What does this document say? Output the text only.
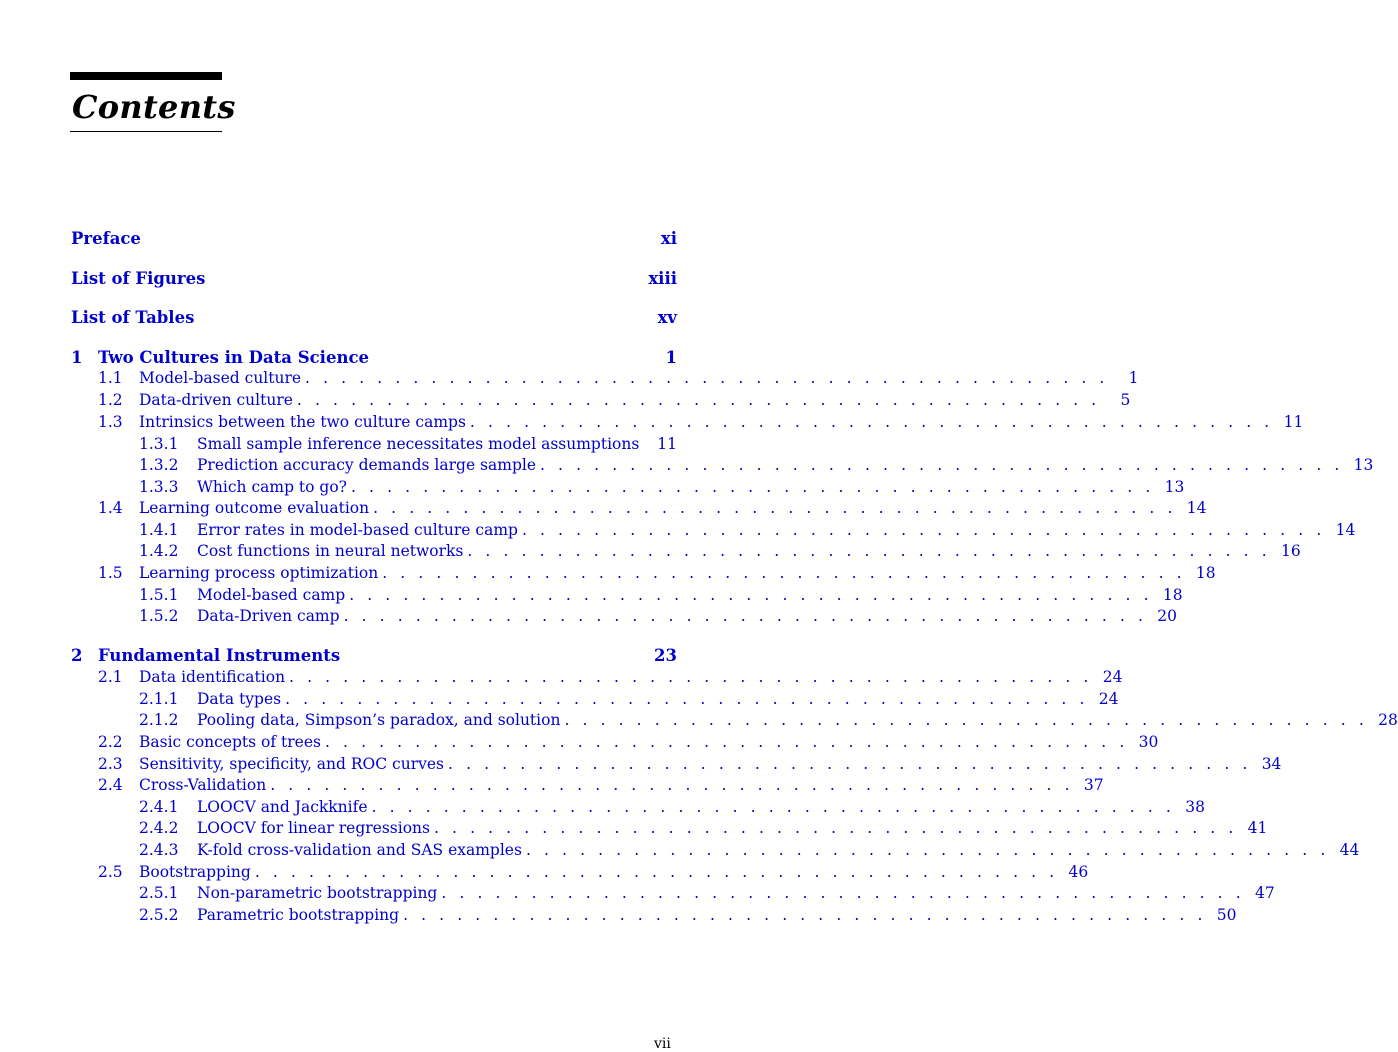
Contents
Preface	xi
List of Figures	xiii
List of Tables	xv
1 Two Cultures in Data Science	1
1.1	Model-based culture . . . . . . . . . . . . . . . . . . . . . . . . . . . . . . . . . . . . . . . . . . . . .	1
1.2	Data-driven culture . . . . . . . . . . . . . . . . . . . . . . . . . . . . . . . . . . . . . . . . . . . . .	5
1.3	Intrinsics between the two culture camps . . . . . . . . . . . . . . . . . . . . . . . . . . . . . . . . . . . . . . . . . . . . . 11
1.3.1	Small sample inference necessitates model assumptions 11
1.3.2	Prediction accuracy demands large sample . . . . . . . . . . . . . . . . . . . . . . . . . . . . . . . . . . . . . . . . . . . . . 13
1.3.3	Which camp to go? . . . . . . . . . . . . . . . . . . . . . . . . . . . . . . . . . . . . . . . . . . . . . 13
1.4	Learning outcome evaluation . . . . . . . . . . . . . . . . . . . . . . . . . . . . . . . . . . . . . . . . . . . . . 14
1.4.1	Error rates in model-based culture camp . . . . . . . . . . . . . . . . . . . . . . . . . . . . . . . . . . . . . . . . . . . . . 14
1.4.2	Cost functions in neural networks . . . . . . . . . . . . . . . . . . . . . . . . . . . . . . . . . . . . . . . . . . . . . 16
1.5	Learning process optimization . . . . . . . . . . . . . . . . . . . . . . . . . . . . . . . . . . . . . . . . . . . . . 18
1.5.1	Model-based camp . . . . . . . . . . . . . . . . . . . . . . . . . . . . . . . . . . . . . . . . . . . . . 18
1.5.2	Data-Driven camp . . . . . . . . . . . . . . . . . . . . . . . . . . . . . . . . . . . . . . . . . . . . . 20
2 Fundamental Instruments	23
2.1	Data identification . . . . . . . . . . . . . . . . . . . . . . . . . . . . . . . . . . . . . . . . . . . . . 24
2.1.1	Data types . . . . . . . . . . . . . . . . . . . . . . . . . . . . . . . . . . . . . . . . . . . . . 24
2.1.2	Pooling data, Simpson’s paradox, and solution . . . . . . . . . . . . . . . . . . . . . . . . . . . . . . . . . . . . . . . . . . . . . 28
2.2	Basic concepts of trees . . . . . . . . . . . . . . . . . . . . . . . . . . . . . . . . . . . . . . . . . . . . . 30
2.3	Sensitivity, specificity, and ROC curves . . . . . . . . . . . . . . . . . . . . . . . . . . . . . . . . . . . . . . . . . . . . . 34
2.4	Cross-Validation . . . . . . . . . . . . . . . . . . . . . . . . . . . . . . . . . . . . . . . . . . . . . 37
2.4.1	LOOCV and Jackknife . . . . . . . . . . . . . . . . . . . . . . . . . . . . . . . . . . . . . . . . . . . . . 38
2.4.2	LOOCV for linear regressions . . . . . . . . . . . . . . . . . . . . . . . . . . . . . . . . . . . . . . . . . . . . . 41
2.4.3	K-fold cross-validation and SAS examples . . . . . . . . . . . . . . . . . . . . . . . . . . . . . . . . . . . . . . . . . . . . . 44
2.5	Bootstrapping . . . . . . . . . . . . . . . . . . . . . . . . . . . . . . . . . . . . . . . . . . . . . 46
2.5.1	Non-parametric bootstrapping . . . . . . . . . . . . . . . . . . . . . . . . . . . . . . . . . . . . . . . . . . . . . 47
2.5.2	Parametric bootstrapping . . . . . . . . . . . . . . . . . . . . . . . . . . . . . . . . . . . . . . . . . . . . . 50
vii
